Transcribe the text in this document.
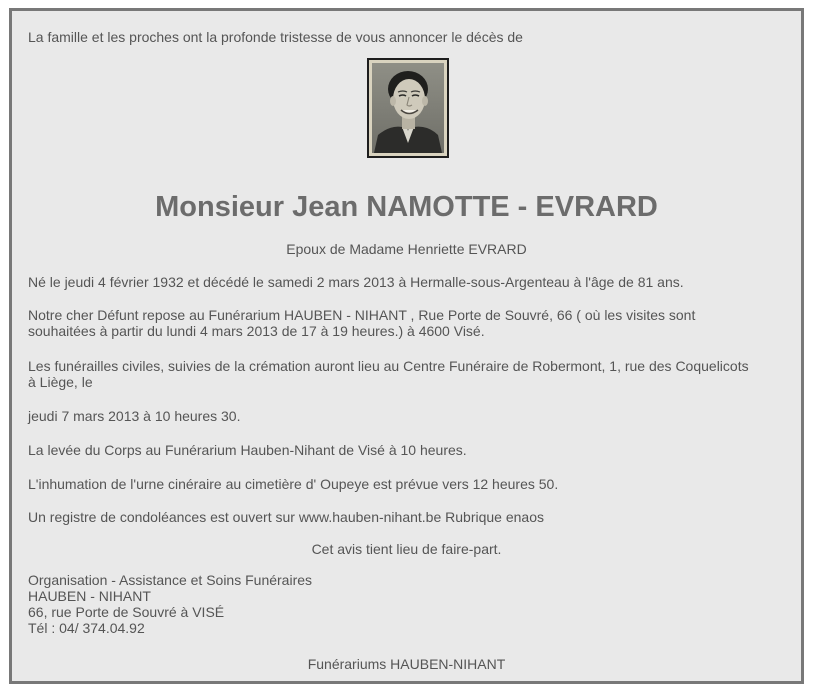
La famille et les proches ont la profonde tristesse de vous annoncer le décès de

Monsieur Jean NAMOTTE - EVRARD

Epoux de Madame Henriette EVRARD

Né le jeudi 4 février 1932 et décédé le samedi 2 mars 2013 à Hermalle-sous-Argenteau à l'âge de 81 ans.

Notre cher Défunt repose au Funérarium HAUBEN - NIHANT , Rue Porte de Souvré, 66 ( où les visites sont

souhaitées à partir du lundi 4 mars 2013 de 17 à 19 heures.) à 4600 Visé.

Les funérailles civiles, suivies de la crémation auront lieu au Centre Funéraire de Robermont, 1, rue des Coquelicots

à Liège, le

jeudi 7 mars 2013 à 10 heures 30.

La levée du Corps au Funérarium Hauben-Nihant de Visé à 10 heures.

L'inhumation de l'urne cinéraire au cimetière d' Oupeye est prévue vers 12 heures 50.

Un registre de condoléances est ouvert sur www.hauben-nihant.be Rubrique enaos

Cet avis tient lieu de faire-part.

Organisation - Assistance et Soins Funéraires
HAUBEN - NIHANT
66, rue Porte de Souvré à VISÉ
Tél : 04/ 374.04.92

Funérariums HAUBEN-NIHANT
